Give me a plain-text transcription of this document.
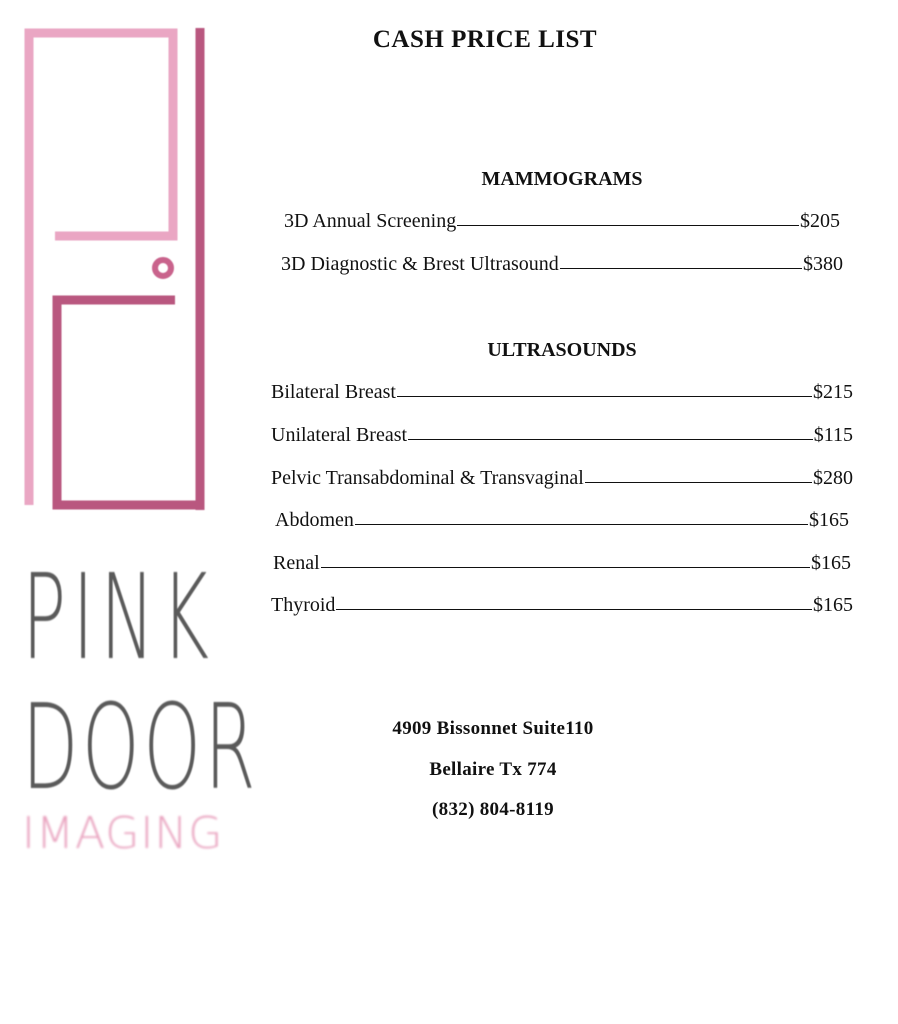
PINK
DOOR
IMAGING
CASH PRICE LIST
MAMMOGRAMS
3D Annual Screening	$205
3D Diagnostic & Brest Ultrasound	$380
ULTRASOUNDS
Bilateral Breast	$215
Unilateral Breast	$115
Pelvic Transabdominal & Transvaginal	$280
Abdomen	$165
Renal	$165
Thyroid	$165
4909 Bissonnet Suite110
Bellaire Tx 774
(832) 804-8119
